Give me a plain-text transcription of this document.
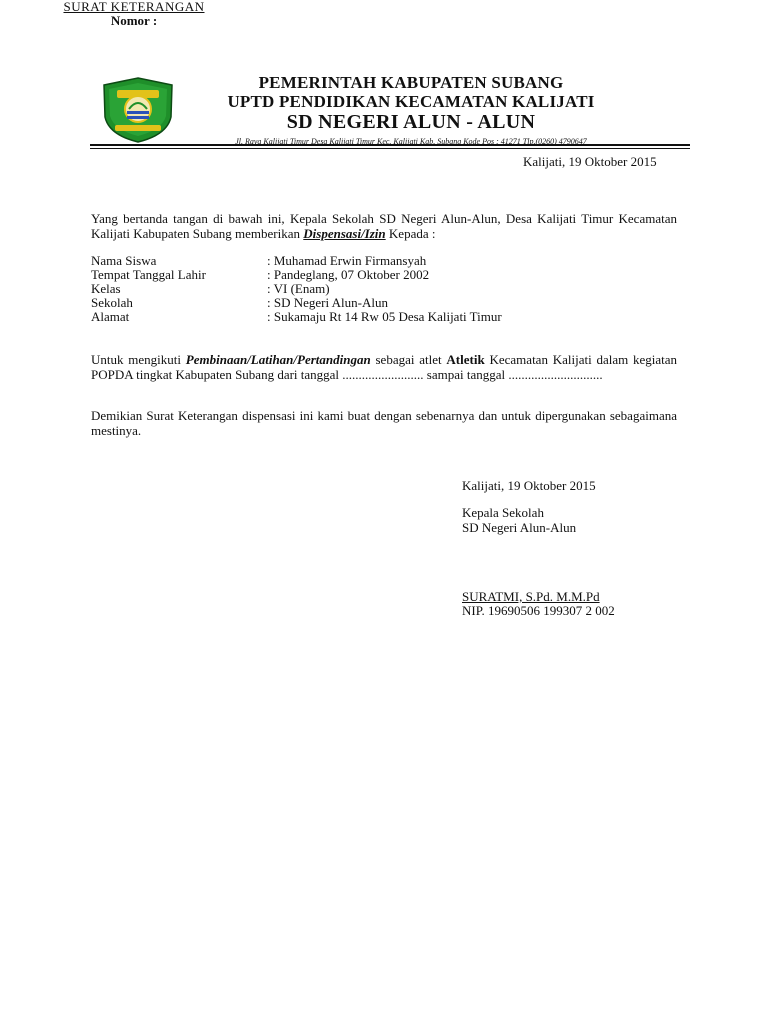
PEMERINTAH KABUPATEN SUBANG
UPTD PENDIDIKAN KECAMATAN KALIJATI
SD NEGERI ALUN - ALUN
Jl. Raya Kalijati Timur Desa Kalijati Timur Kec. Kalijati Kab. Subang Kode Pos : 41271 Tlp.(0260) 4790647
Kalijati, 19 Oktober 2015
SURAT KETERANGAN
Nomor :
Yang bertanda tangan di bawah ini, Kepala Sekolah SD Negeri Alun-Alun, Desa Kalijati Timur Kecamatan Kalijati Kabupaten Subang memberikan Dispensasi/Izin Kepada :
Nama Siswa	: Muhamad Erwin Firmansyah
Tempat Tanggal Lahir	: Pandeglang, 07 Oktober 2002
Kelas	: VI (Enam)
Sekolah	: SD Negeri Alun-Alun
Alamat	: Sukamaju Rt 14 Rw 05 Desa Kalijati Timur
Untuk mengikuti Pembinaan/Latihan/Pertandingan sebagai atlet Atletik Kecamatan Kalijati dalam kegiatan POPDA tingkat Kabupaten Subang dari tanggal ......................... sampai tanggal .............................
Demikian Surat Keterangan dispensasi ini kami buat dengan sebenarnya dan untuk dipergunakan sebagaimana mestinya.
Kalijati, 19 Oktober 2015
Kepala Sekolah
SD Negeri Alun-Alun
SURATMI, S.Pd. M.M.Pd
NIP. 19690506 199307 2 002
